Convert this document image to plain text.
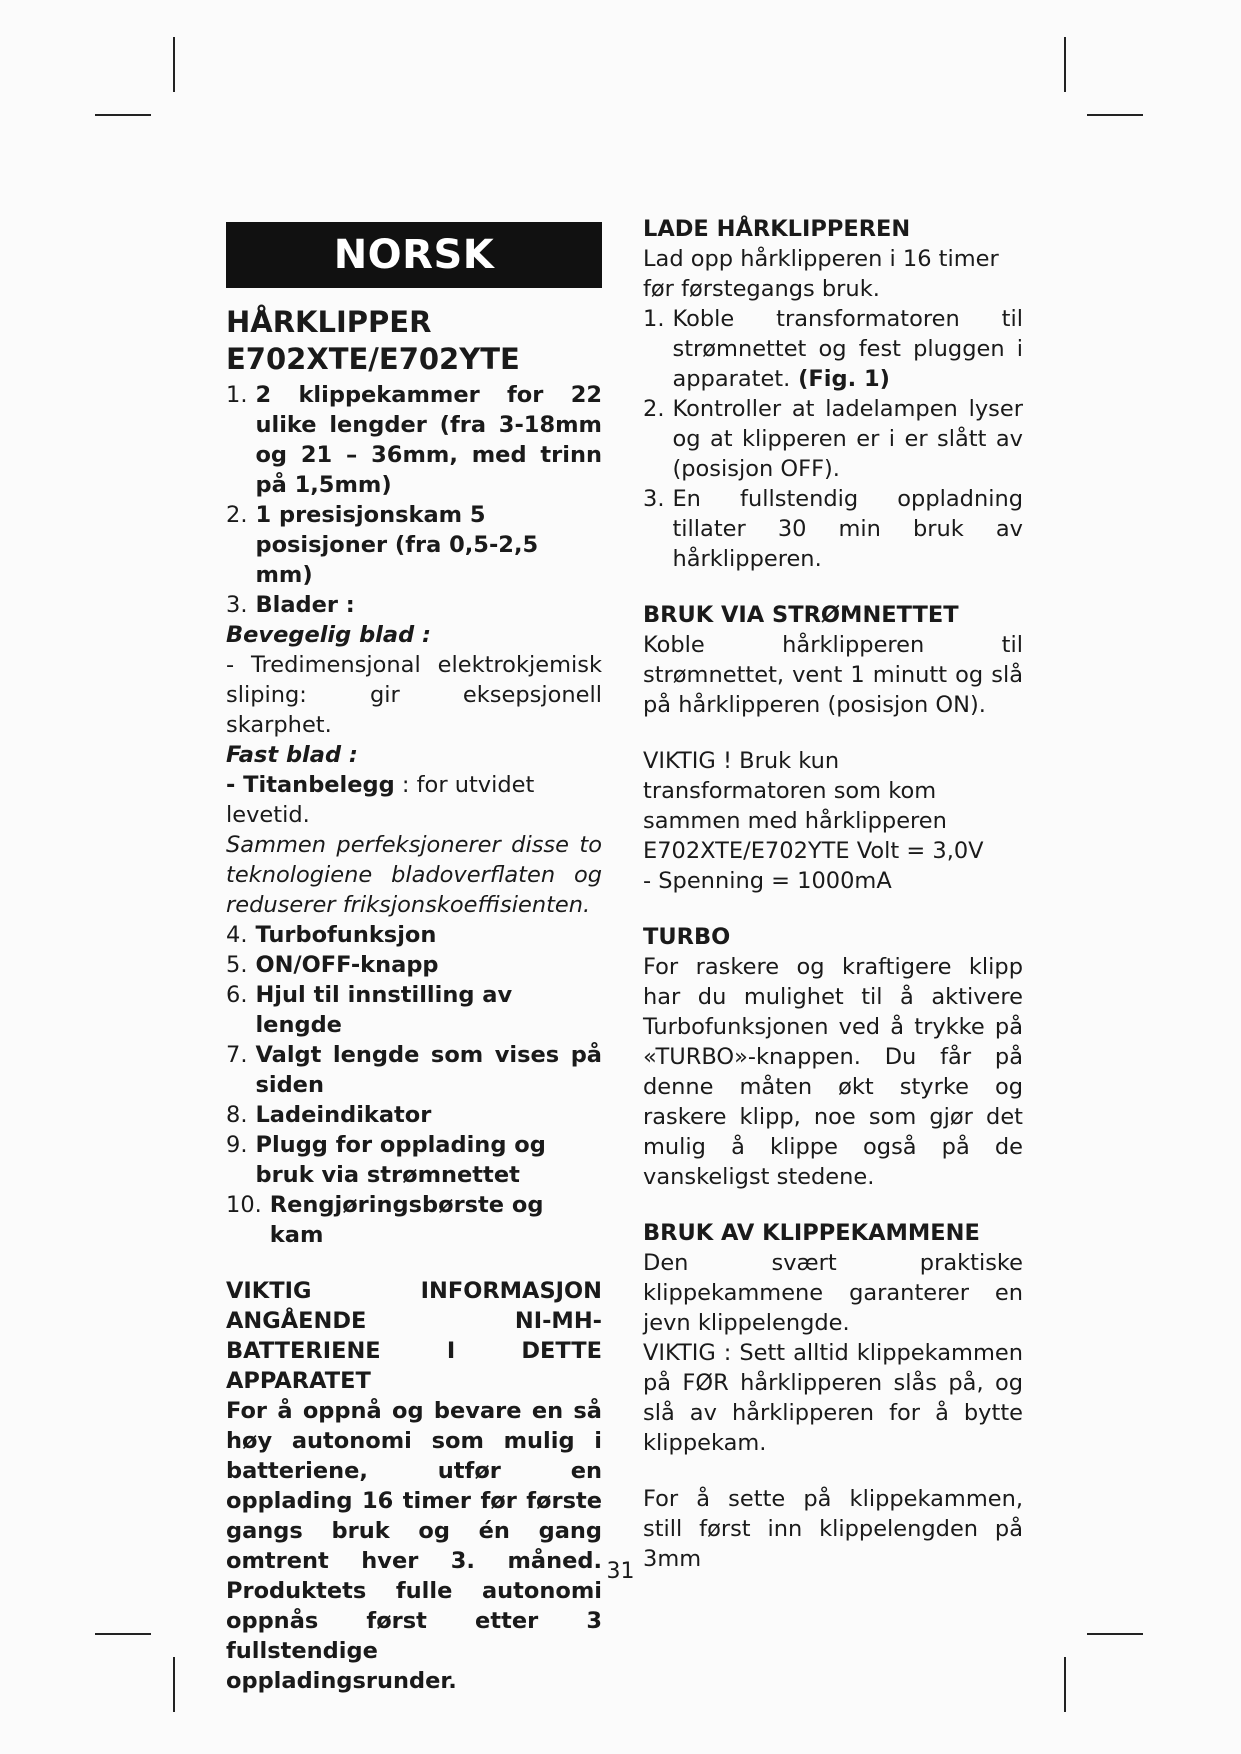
NORSK
HÅRKLIPPER
E702XTE/E702YTE
1. 2 klippekammer for 22 ulike lengder (fra 3-18mm og 21 – 36mm, med trinn på 1,5mm)
2. 1 presisjonskam 5 posisjoner (fra 0,5-2,5 mm)
3. Blader :

Bevegelig blad :

- Tredimensjonal elektrokjemisk sliping: gir eksepsjonell skarphet.

Fast blad :

- Titanbelegg : for utvidet levetid.

Sammen perfeksjonerer disse to teknologiene bladoverflaten og reduserer friksjonskoeffisienten.

4. Turbofunksjon
5. ON/OFF-knapp
6. Hjul til innstilling av lengde
7. Valgt lengde som vises på siden
8. Ladeindikator
9. Plugg for opplading og bruk via strømnettet
10. Rengjøringsbørste og kam

VIKTIG INFORMASJON ANGÅENDE NI-MH-BATTERIENE I DETTE APPARATET

For å oppnå og bevare en så høy autonomi som mulig i batteriene, utfør en opplading 16 timer før første gangs bruk og én gang omtrent hver 3. måned. Produktets fulle autonomi oppnås først etter 3 fullstendige oppladingsrunder.

LADE HÅRKLIPPEREN

Lad opp hårklipperen i 16 timer før førstegangs bruk.

1. Koble transformatoren til strømnettet og fest pluggen i apparatet. (Fig. 1)
2. Kontroller at ladelampen lyser og at klipperen er i er slått av (posisjon OFF).
3. En fullstendig oppladning tillater 30 min bruk av hårklipperen.

BRUK VIA STRØMNETTET

Koble hårklipperen til strømnettet, vent 1 minutt og slå på hårklipperen (posisjon ON).

VIKTIG ! Bruk kun transformatoren som kom sammen med hårklipperen E702XTE/E702YTE Volt = 3,0V

- Spenning = 1000mA

TURBO

For raskere og kraftigere klipp har du mulighet til å aktivere Turbofunksjonen ved å trykke på «TURBO»-knappen. Du får på denne måten økt styrke og raskere klipp, noe som gjør det mulig å klippe også på de vanskeligst stedene.

BRUK AV KLIPPEKAMMENE

Den svært praktiske klippekammene garanterer en jevn klippelengde.

VIKTIG : Sett alltid klippekammen på FØR hårklipperen slås på, og slå av hårklipperen for å bytte klippekam.

For å sette på klippekammen, still først inn klippelengden på 3mm

31
